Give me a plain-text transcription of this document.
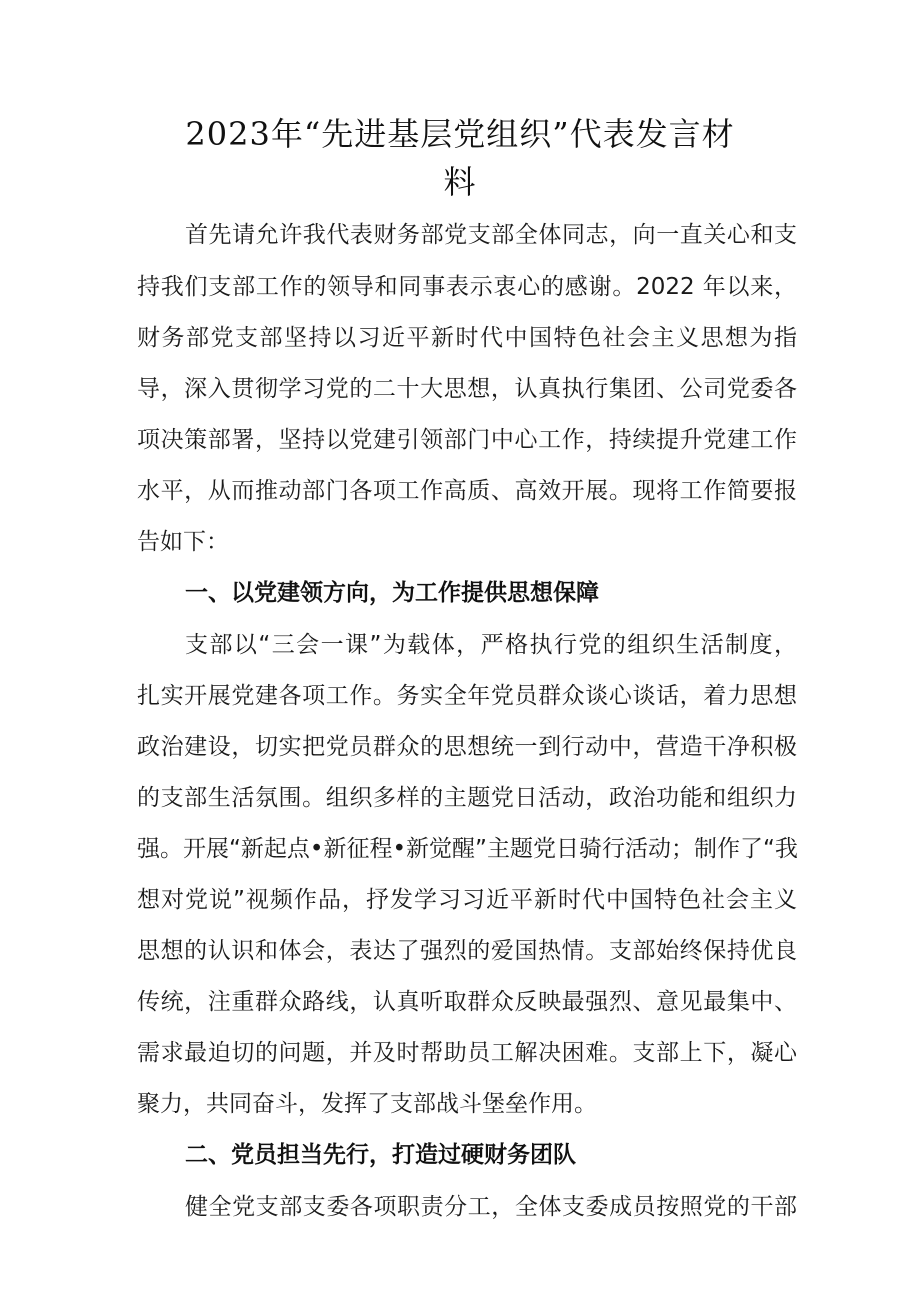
2023年“先进基层党组织”代表发言材
料
首先请允许我代表财务部党支部全体同志，向一直关心和支
持我们支部工作的领导和同事表示衷心的感谢。2022 年以来，
财务部党支部坚持以习近平新时代中国特色社会主义思想为指
导，深入贯彻学习党的二十大思想，认真执行集团、公司党委各
项决策部署，坚持以党建引领部门中心工作，持续提升党建工作
水平，从而推动部门各项工作高质、高效开展。现将工作简要报
告如下：
一、以党建领方向，为工作提供思想保障
支部以“三会一课”为载体，严格执行党的组织生活制度，
扎实开展党建各项工作。务实全年党员群众谈心谈话，着力思想
政治建设，切实把党员群众的思想统一到行动中，营造干净积极
的支部生活氛围。组织多样的主题党日活动，政治功能和组织力
强。开展“新起点•新征程•新觉醒”主题党日骑行活动；制作了“我
想对党说”视频作品，抒发学习习近平新时代中国特色社会主义
思想的认识和体会，表达了强烈的爱国热情。支部始终保持优良
传统，注重群众路线，认真听取群众反映最强烈、意见最集中、
需求最迫切的问题，并及时帮助员工解决困难。支部上下，凝心
聚力，共同奋斗，发挥了支部战斗堡垒作用。
二、党员担当先行，打造过硬财务团队
健全党支部支委各项职责分工，全体支委成员按照党的干部
